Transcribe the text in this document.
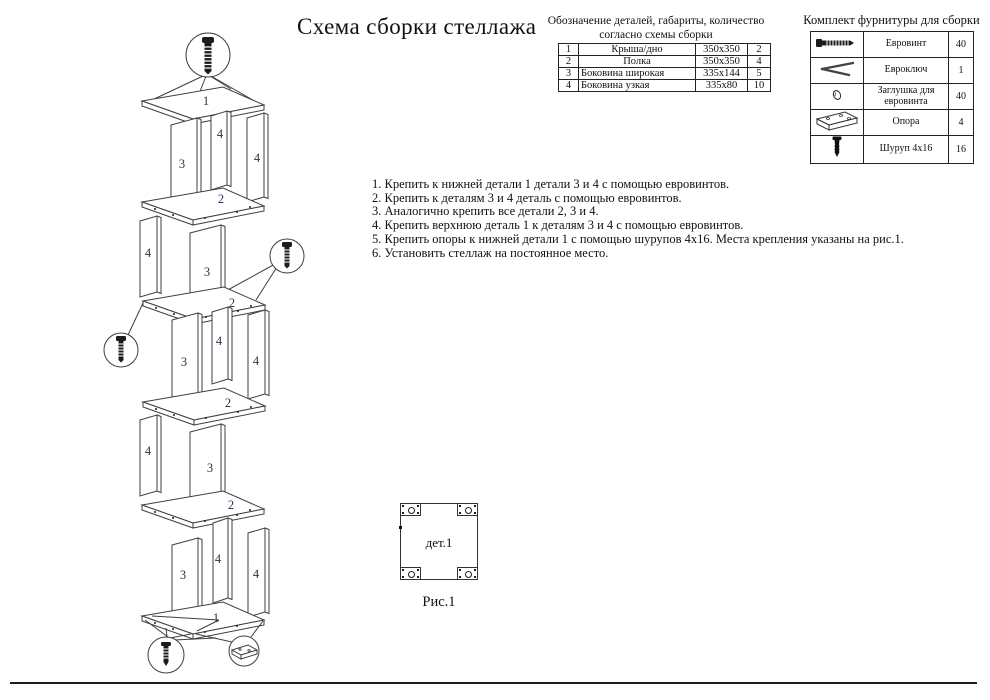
Схема сборки стеллажа Обозначение деталей, габариты, количество
согласно схемы сборки
1	Крыша/дно	350x350	2
2	Полка	350x350	4
3	Боковина широкая	335x144	5
4	Боковина узкая	335x80	10
Комплект фурнитуры для сборки
	Евровинт	40
	Евроключ	1
	Заглушка для евровинта	40
	Опора	4
	Шуруп 4x16	16
1. Крепить к нижней детали 1 детали 3 и 4 с помощью евровинтов.
2. Крепить к деталям 3 и 4 деталь с помощью евровинтов.
3. Аналогично крепить все детали 2, 3 и 4.
4. Крепить верхнюю деталь 1 к деталям 3 и 4 с помощью евровинтов.
5. Крепить опоры к нижней детали 1 с помощью шурупов 4x16. Места крепления указаны на рис.1.
6. Установить стеллаж на постоянное место.
1
4
3	4
2
4
3
2
4
3	4
2
4
3
2
4
3	4
1
дет.1
Рис.1
